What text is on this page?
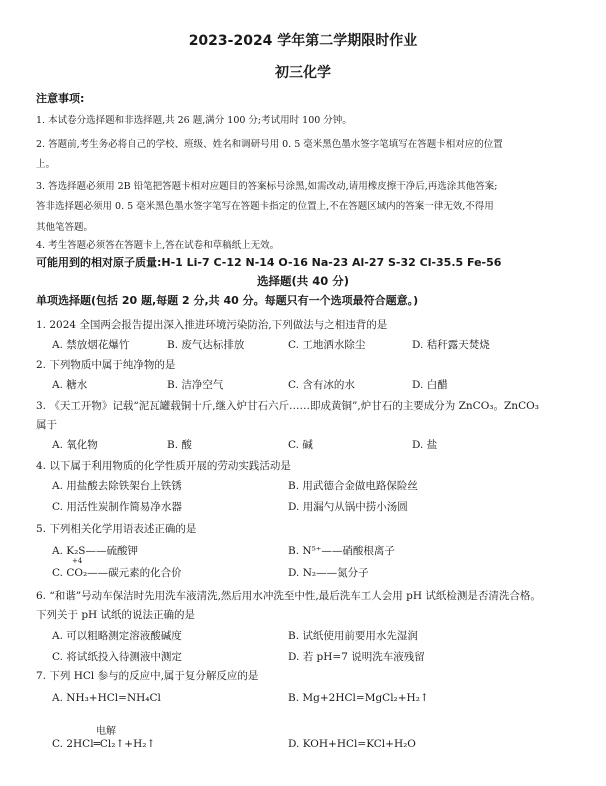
2023-2024 学年第二学期限时作业
初三化学
注意事项:
1. 本试卷分选择题和非选择题,共 26 题,满分 100 分;考试用时 100 分钟。
2. 答题前,考生务必将自己的学校、班级、姓名和调研号用 0. 5 毫米黑色墨水签字笔填写在答题卡相对应的位置
上。
3. 答选择题必须用 2B 铅笔把答题卡相对应题目的答案标号涂黑,如需改动,请用橡皮擦干净后,再选涂其他答案;
答非选择题必须用 0. 5 毫米黑色墨水签字笔写在答题卡指定的位置上,不在答题区域内的答案一律无效,不得用
其他笔答题。
4. 考生答题必须答在答题卡上,答在试卷和草稿纸上无效。
可能用到的相对原子质量:H-1 Li-7 C-12 N-14 O-16 Na-23 Al-27 S-32 Cl-35.5 Fe-56
选择题(共 40 分)
单项选择题(包括 20 题,每题 2 分,共 40 分。每题只有一个选项最符合题意。)
1. 2024 全国两会报告提出深入推进环境污染防治,下列做法与之相违背的是
A. 禁放烟花爆竹	B. 废气达标排放	C. 工地洒水除尘	D. 秸秆露天焚烧
2. 下列物质中属于纯净物的是
A. 糖水	B. 洁净空气	C. 含有冰的水	D. 白醋
3. 《天工开物》记载“泥瓦罐载铜十斤,继入炉甘石六斤……即成黄铜”,炉甘石的主要成分为 ZnCO₃。ZnCO₃
属于
A. 氧化物	B. 酸	C. 碱	D. 盐
4. 以下属于利用物质的化学性质开展的劳动实践活动是
A. 用盐酸去除铁架台上铁锈	B. 用武德合金做电路保险丝
C. 用活性炭制作简易净水器	D. 用漏勺从锅中捞小汤圆
5. 下列相关化学用语表述正确的是
A. K₂S——硫酸钾	B. N⁵⁺——硝酸根离子
+4
C. CO₂——碳元素的化合价	D. N₂——氮分子
6. “和谐”号动车保洁时先用洗车液清洗,然后用水冲洗至中性,最后洗车工人会用 pH 试纸检测是否清洗合格。
下列关于 pH 试纸的说法正确的是
A. 可以粗略测定溶液酸碱度	B. 试纸使用前要用水先湿润
C. 将试纸投入待测液中测定	D. 若 pH=7 说明洗车液残留
7. 下列 HCl 参与的反应中,属于复分解反应的是
A. NH₃+HCl=NH₄Cl	B. Mg+2HCl=MgCl₂+H₂↑
电解
C. 2HCl═Cl₂↑+H₂↑	D. KOH+HCl=KCl+H₂O
